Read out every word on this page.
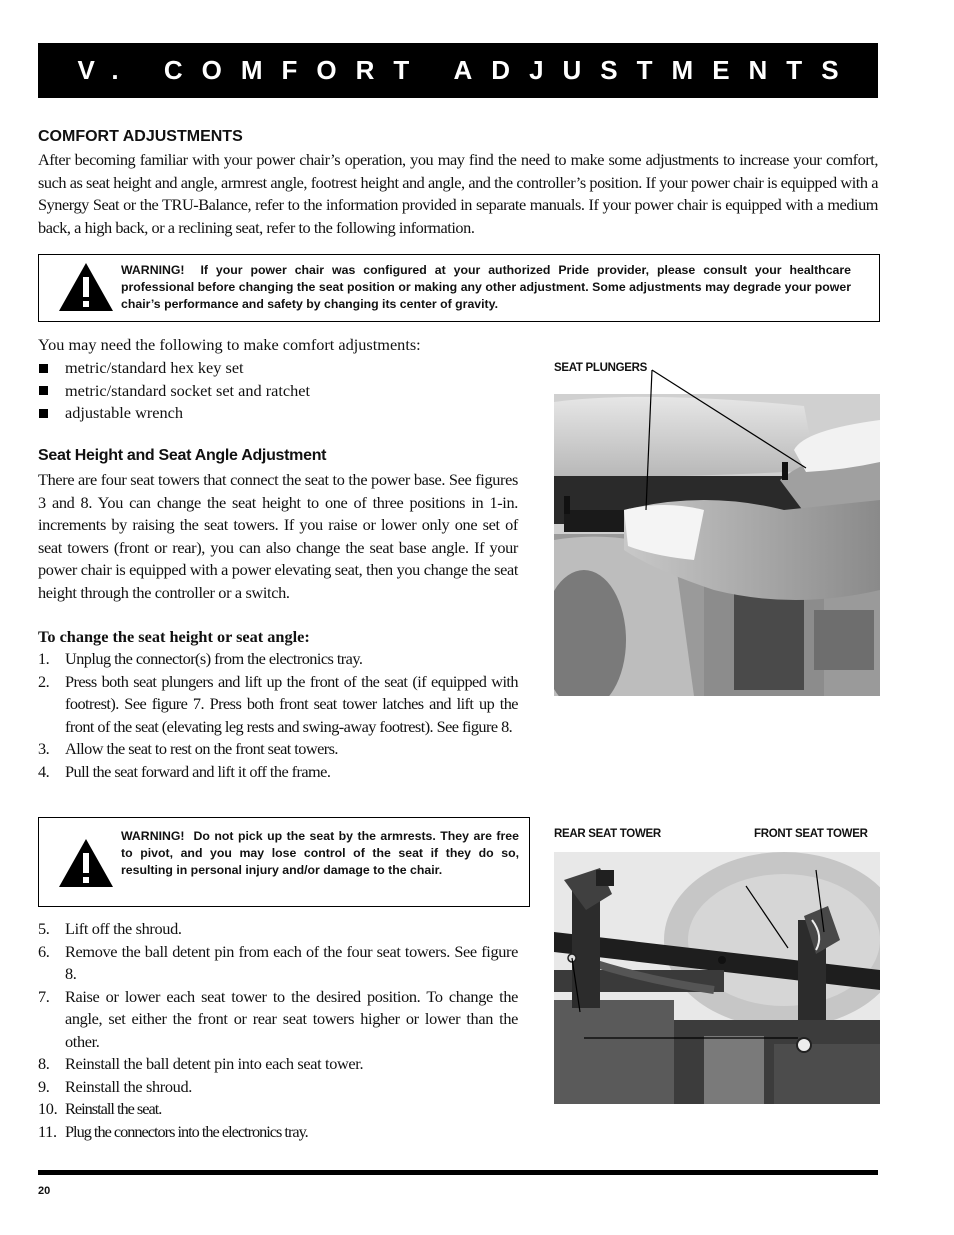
V. COMFORT ADJUSTMENTS
COMFORT ADJUSTMENTS

After becoming familiar with your power chair’s operation, you may find the need to make some adjustments to increase your comfort, such as seat height and angle, armrest angle, footrest height and angle, and the controller’s position. If your power chair is equipped with a Synergy Seat or the TRU-Balance, refer to the information provided in separate manuals. If your power chair is equipped with a medium back, a high back, or a reclining seat, refer to the following information.

WARNING! If your power chair was configured at your authorized Pride provider, please consult your healthcare professional before changing the seat position or making any other adjustment. Some adjustments may degrade your power chair’s performance and safety by changing its center of gravity.

You may need the following to make comfort adjustments:

metric/standard hex key set
metric/standard socket set and ratchet
adjustable wrench
Seat Height and Seat Angle Adjustment

There are four seat towers that connect the seat to the power base. See figures 3 and 8. You can change the seat height to one of three positions in 1-in. increments by raising the seat towers. If you raise or lower only one set of seat towers (front or rear), you can also change the seat base angle. If your power chair is equipped with a power elevating seat, then you change the seat height through the controller or a switch.

To change the seat height or seat angle:

1. Unplug the connector(s) from the electronics tray.
2. Press both seat plungers and lift up the front of the seat (if equipped with footrest). See figure 7. Press both front seat tower latches and lift up the front of the seat (elevating leg rests and swing-away footrest). See figure 8.
3. Allow the seat to rest on the front seat towers.
4. Pull the seat forward and lift it off the frame.

WARNING! Do not pick up the seat by the armrests. They are free to pivot, and you may lose control of the seat if they do so, resulting in personal injury and/or damage to the chair.

5. Lift off the shroud.
6. Remove the ball detent pin from each of the four seat towers. See figure 8.
7. Raise or lower each seat tower to the desired position. To change the angle, set either the front or rear seat towers higher or lower than the other.
8. Reinstall the ball detent pin into each seat tower.
9. Reinstall the shroud.
10. Reinstall the seat.
11. Plug the connectors into the electronics tray.
SEAT PLUNGERS
REAR SEAT TOWER	FRONT SEAT TOWER
20
